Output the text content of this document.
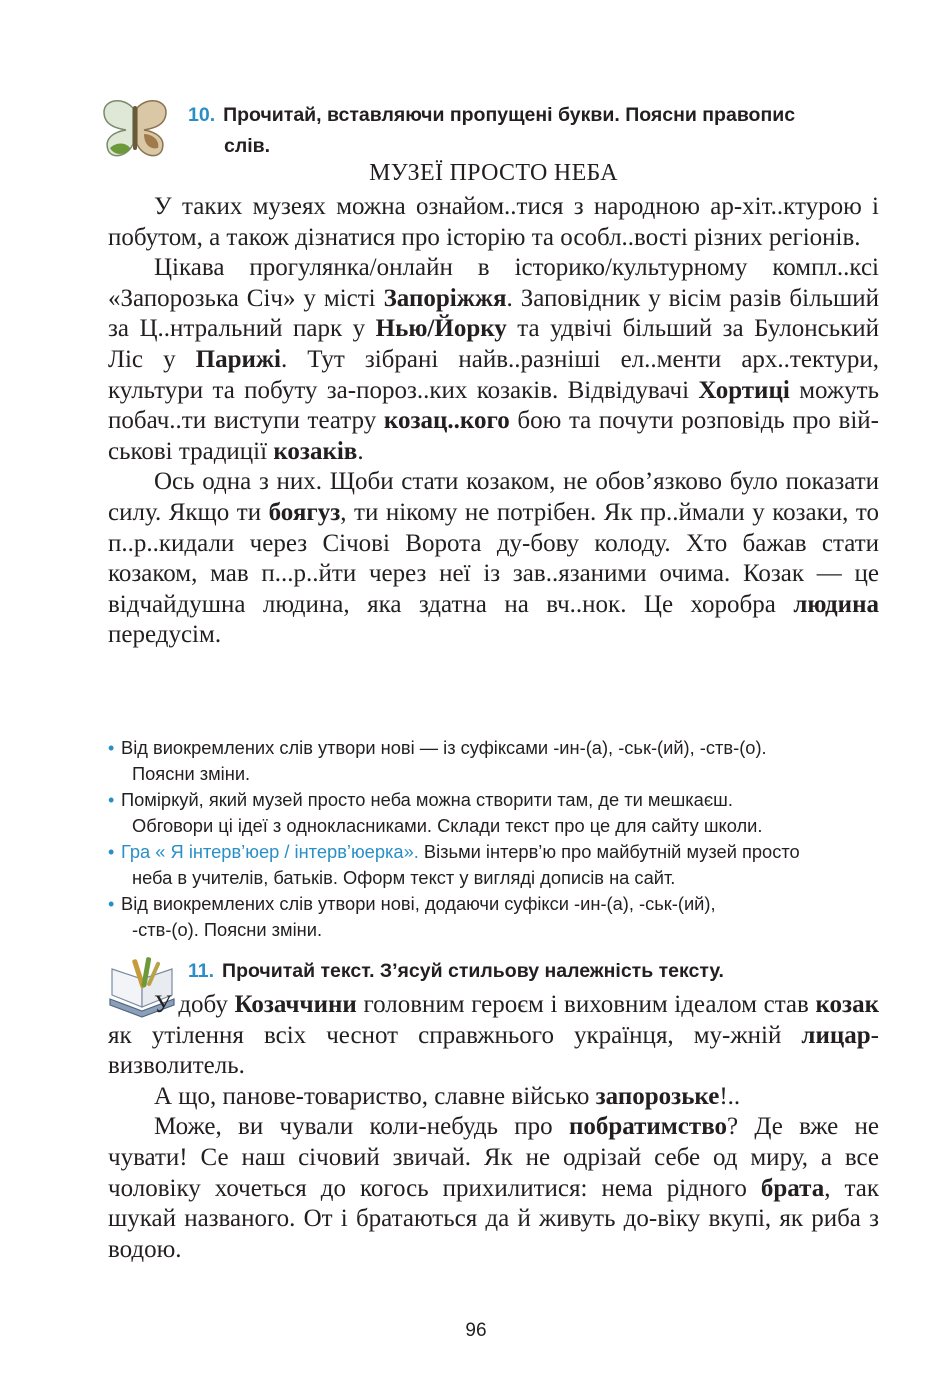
10. Прочитай, вставляючи пропущені букви. Поясни правопис
слів.
МУЗЕЇ ПРОСТО НЕБА

У таких музеях можна ознайом..тися з народною ар-хіт..ктурою і побутом, а також дізнатися про історію та особл..вості різних регіонів.

Цікава прогулянка/онлайн в історико/культурному компл..ксі «Запорозька Січ» у місті Запоріжжя. Заповідник у вісім разів більший за Ц..нтральний парк у Нью/Йорку та удвічі більший за Булонський Ліс у Парижі. Тут зібрані найв..разніші ел..менти арх..тектури, культури та побуту за-пороз..ких козаків. Відвідувачі Хортиці можуть побач..ти виступи театру козац..кого бою та почути розповідь про вій-ськові традиції козаків.

Ось одна з них. Щоби стати козаком, не обов’язково було показати силу. Якщо ти боягуз, ти нікому не потрібен. Як пр..ймали у козаки, то п..р..кидали через Січові Ворота ду-бову колоду. Хто бажав стати козаком, мав п...р..йти через неї із зав..язаними очима. Козак — це відчайдушна людина, яка здатна на вч..нок. Це хоробра людина передусім.

• Від виокремлених слів утвори нові — із суфіксами -ин-(а), -ськ-(ий), -ств-(о).
Поясни зміни.
• Поміркуй, який музей просто неба можна створити там, де ти мешкаєш.
Обговори ці ідеї з однокласниками. Склади текст про це для сайту школи.
• Гра « Я інтерв’юер / інтерв’юерка». Візьми інтерв’ю про майбутній музей просто
неба в учителів, батьків. Оформ текст у вигляді дописів на сайт.
• Від виокремлених слів утвори нові, додаючи суфікси -ин-(а), -ськ-(ий),
-ств-(о). Поясни зміни.
11. Прочитай текст. З’ясуй стильову належність тексту.

У добу Козаччини головним героєм і виховним ідеалом став козак як утілення всіх чеснот справжнього українця, му-жній лицар-визволитель.

А що, панове-товариство, славне військо запорозьке!..

Може, ви чували коли-небудь про побратимство? Де вже не чувати! Се наш січовий звичай. Як не одрізай себе од миру, а все чоловіку хочеться до когось прихилитися: нема рідного брата, так шукай названого. От і братаються да й живуть до-віку вкупі, як риба з водою.

96
